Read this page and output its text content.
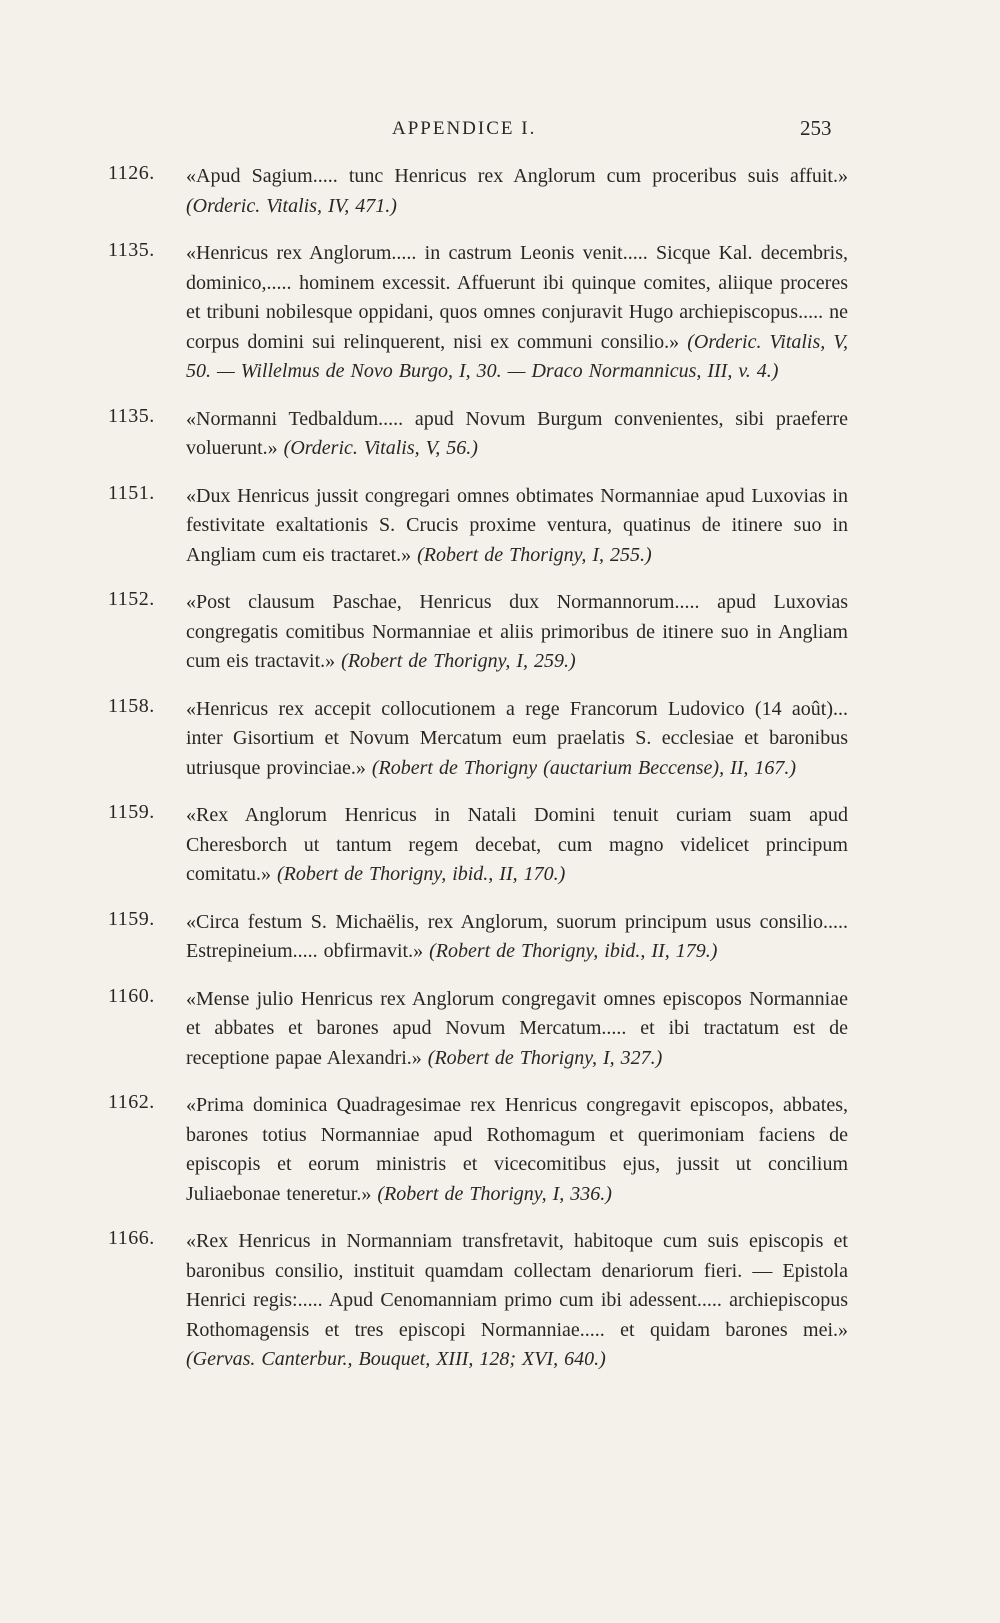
APPENDICE I.	253
1126. «Apud Sagium..... tunc Henricus rex Anglorum cum proceribus suis affuit.» (Orderic. Vitalis, IV, 471.)
1135. «Henricus rex Anglorum..... in castrum Leonis venit..... Sicque Kal. decembris, dominico,..... hominem excessit. Affuerunt ibi quinque comites, aliique proceres et tribuni nobilesque oppidani, quos omnes conjuravit Hugo archiepiscopus..... ne corpus domini sui relinquerent, nisi ex communi consilio.» (Orderic. Vitalis, V, 50. — Willelmus de Novo Burgo, I, 30. — Draco Normannicus, III, v. 4.)
1135. «Normanni Tedbaldum..... apud Novum Burgum convenientes, sibi praeferre voluerunt.» (Orderic. Vitalis, V, 56.)
1151. «Dux Henricus jussit congregari omnes obtimates Normanniae apud Luxovias in festivitate exaltationis S. Crucis proxime ventura, quatinus de itinere suo in Angliam cum eis tractaret.» (Robert de Thorigny, I, 255.)
1152. «Post clausum Paschae, Henricus dux Normannorum..... apud Luxovias congregatis comitibus Normanniae et aliis primoribus de itinere suo in Angliam cum eis tractavit.» (Robert de Thorigny, I, 259.)
1158. «Henricus rex accepit collocutionem a rege Francorum Ludovico (14 août)... inter Gisortium et Novum Mercatum eum praelatis S. ecclesiae et baronibus utriusque provinciae.» (Robert de Thorigny (auctarium Beccense), II, 167.)
1159. «Rex Anglorum Henricus in Natali Domini tenuit curiam suam apud Cheresborch ut tantum regem decebat, cum magno videlicet principum comitatu.» (Robert de Thorigny, ibid., II, 170.)
1159. «Circa festum S. Michaëlis, rex Anglorum, suorum principum usus consilio..... Estrepineium..... obfirmavit.» (Robert de Thorigny, ibid., II, 179.)
1160. «Mense julio Henricus rex Anglorum congregavit omnes episcopos Normanniae et abbates et barones apud Novum Mercatum..... et ibi tractatum est de receptione papae Alexandri.» (Robert de Thorigny, I, 327.)
1162. «Prima dominica Quadragesimae rex Henricus congregavit episcopos, abbates, barones totius Normanniae apud Rothomagum et querimoniam faciens de episcopis et eorum ministris et vicecomitibus ejus, jussit ut concilium Juliaebonae teneretur.» (Robert de Thorigny, I, 336.)
1166. «Rex Henricus in Normanniam transfretavit, habitoque cum suis episcopis et baronibus consilio, instituit quamdam collectam denariorum fieri. — Epistola Henrici regis:..... Apud Cenomanniam primo cum ibi adessent..... archiepiscopus Rothomagensis et tres episcopi Normanniae..... et quidam barones mei.» (Gervas. Canterbur., Bouquet, XIII, 128; XVI, 640.)
